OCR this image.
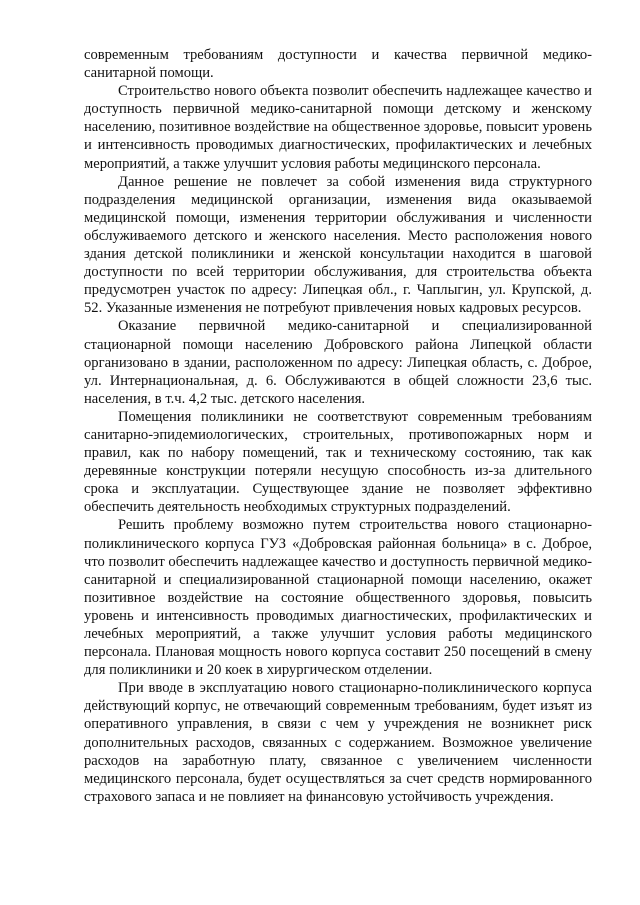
современным требованиям доступности и качества первичной медико-санитарной помощи.

Строительство нового объекта позволит обеспечить надлежащее качество и доступность первичной медико-санитарной помощи детскому и женскому населению, позитивное воздействие на общественное здоровье, повысит уровень и интенсивность проводимых диагностических, профилактических и лечебных мероприятий, а также улучшит условия работы медицинского персонала.

Данное решение не повлечет за собой изменения вида структурного подразделения медицинской организации, изменения вида оказываемой медицинской помощи, изменения территории обслуживания и численности обслуживаемого детского и женского населения. Место расположения нового здания детской поликлиники и женской консультации находится в шаговой доступности по всей территории обслуживания, для строительства объекта предусмотрен участок по адресу: Липецкая обл., г. Чаплыгин, ул. Крупской, д. 52. Указанные изменения не потребуют привлечения новых кадровых ресурсов.

Оказание первичной медико-санитарной и специализированной стационарной помощи населению Добровского района Липецкой области организовано в здании, расположенном по адресу: Липецкая область, с. Доброе, ул. Интернациональная, д. 6. Обслуживаются в общей сложности 23,6 тыс. населения, в т.ч. 4,2 тыс. детского населения.

Помещения поликлиники не соответствуют современным требованиям санитарно-эпидемиологических, строительных, противопожарных норм и правил, как по набору помещений, так и техническому состоянию, так как деревянные конструкции потеряли несущую способность из-за длительного срока и эксплуатации. Существующее здание не позволяет эффективно обеспечить деятельность необходимых структурных подразделений.

Решить проблему возможно путем строительства нового стационарно-поликлинического корпуса ГУЗ «Добровская районная больница» в с. Доброе, что позволит обеспечить надлежащее качество и доступность первичной медико-санитарной и специализированной стационарной помощи населению, окажет позитивное воздействие на состояние общественного здоровья, повысить уровень и интенсивность проводимых диагностических, профилактических и лечебных мероприятий, а также улучшит условия работы медицинского персонала. Плановая мощность нового корпуса составит 250 посещений в смену для поликлиники и 20 коек в хирургическом отделении.

При вводе в эксплуатацию нового стационарно-поликлинического корпуса действующий корпус, не отвечающий современным требованиям, будет изъят из оперативного управления, в связи с чем у учреждения не возникнет риск дополнительных расходов, связанных с содержанием. Возможное увеличение расходов на заработную плату, связанное с увеличением численности медицинского персонала, будет осуществляться за счет средств нормированного страхового запаса и не повлияет на финансовую устойчивость учреждения.
